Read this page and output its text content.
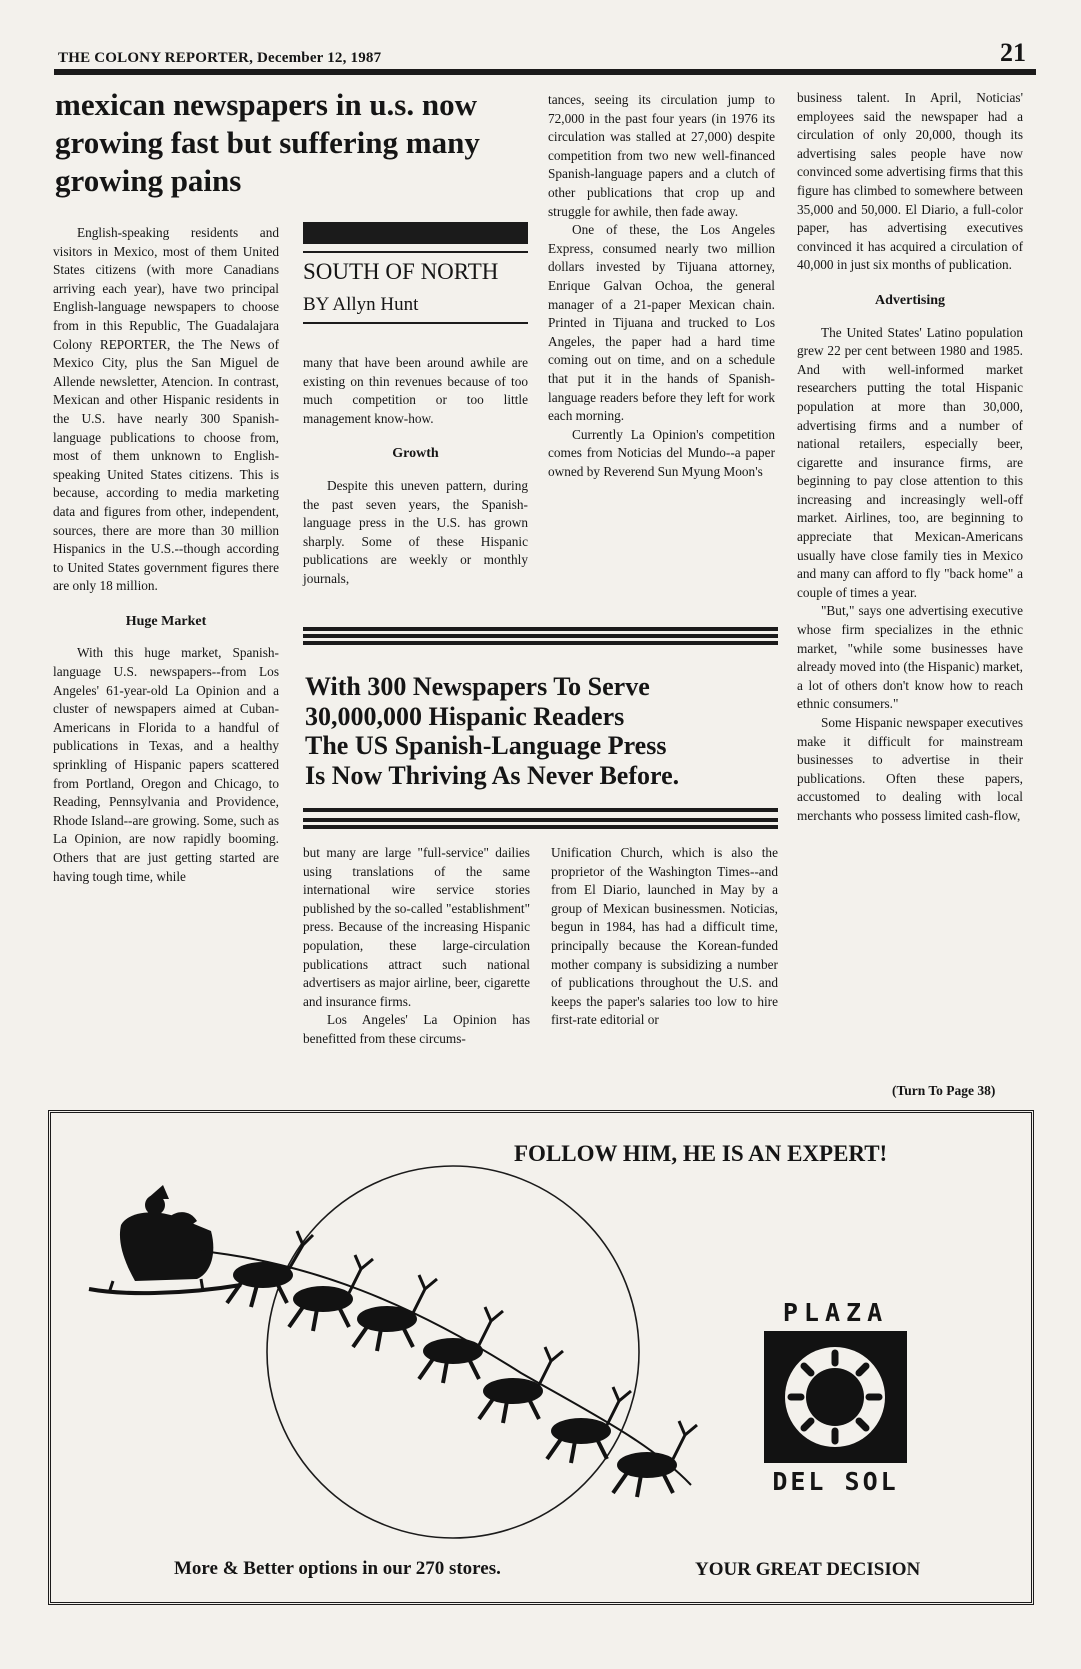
THE COLONY REPORTER, December 12, 1987	21
mexican newspapers in u.s. now growing fast but suffering many growing pains

English-speaking residents and visitors in Mexico, most of them United States citizens (with more Canadians arriving each year), have two principal English-language newspapers to choose from in this Republic, The Guadalajara Colony REPORTER, the The News of Mexico City, plus the San Miguel de Allende newsletter, Atencion. In contrast, Mexican and other Hispanic residents in the U.S. have nearly 300 Spanish-language publications to choose from, most of them unknown to English-speaking United States citizens. This is because, according to media marketing data and figures from other, independent, sources, there are more than 30 million Hispanics in the U.S.--though according to United States government figures there are only 18 million.

Huge Market

With this huge market, Spanish-language U.S. newspapers--from Los Angeles' 61-year-old La Opinion and a cluster of newspapers aimed at Cuban-Americans in Florida to a handful of publications in Texas, and a healthy sprinkling of Hispanic papers scattered from Portland, Oregon and Chicago, to Reading, Pennsylvania and Providence, Rhode Island--are growing. Some, such as La Opinion, are now rapidly booming. Others that are just getting started are having tough time, while

SOUTH OF NORTH
BY Allyn Hunt

many that have been around awhile are existing on thin revenues because of too much competition or too little management know-how.

Growth

Despite this uneven pattern, during the past seven years, the Spanish-language press in the U.S. has grown sharply. Some of these Hispanic publications are weekly or monthly journals,

tances, seeing its circulation jump to 72,000 in the past four years (in 1976 its circulation was stalled at 27,000) despite competition from two new well-financed Spanish-language papers and a clutch of other publications that crop up and struggle for awhile, then fade away.

One of these, the Los Angeles Express, consumed nearly two million dollars invested by Tijuana attorney, Enrique Galvan Ochoa, the general manager of a 21-paper Mexican chain. Printed in Tijuana and trucked to Los Angeles, the paper had a hard time coming out on time, and on a schedule that put it in the hands of Spanish-language readers before they left for work each morning.

Currently La Opinion's competition comes from Noticias del Mundo--a paper owned by Reverend Sun Myung Moon's

business talent. In April, Noticias' employees said the newspaper had a circulation of only 20,000, though its advertising sales people have now convinced some advertising firms that this figure has climbed to somewhere between 35,000 and 50,000. El Diario, a full-color paper, has advertising executives convinced it has acquired a circulation of 40,000 in just six months of publication.

Advertising

The United States' Latino population grew 22 per cent between 1980 and 1985. And with well-informed market researchers putting the total Hispanic population at more than 30,000, advertising firms and a number of national retailers, especially beer, cigarette and insurance firms, are beginning to pay close attention to this increasing and increasingly well-off market. Airlines, too, are beginning to appreciate that Mexican-Americans usually have close family ties in Mexico and many can afford to fly "back home" a couple of times a year.

"But," says one advertising executive whose firm specializes in the ethnic market, "while some businesses have already moved into (the Hispanic) market, a lot of others don't know how to reach ethnic consumers."

Some Hispanic newspaper executives make it difficult for mainstream businesses to advertise in their publications. Often these papers, accustomed to dealing with local merchants who possess limited cash-flow,

With 300 Newspapers To Serve
30,000,000 Hispanic Readers
The US Spanish-Language Press
Is Now Thriving As Never Before.

but many are large "full-service" dailies using translations of the same international wire service stories published by the so-called "establishment" press. Because of the increasing Hispanic population, these large-circulation publications attract such national advertisers as major airline, beer, cigarette and insurance firms.

Los Angeles' La Opinion has benefitted from these circums-

Unification Church, which is also the proprietor of the Washington Times--and from El Diario, launched in May by a group of Mexican businessmen. Noticias, begun in 1984, has had a difficult time, principally because the Korean-funded mother company is subsidizing a number of publications throughout the U.S. and keeps the paper's salaries too low to hire first-rate editorial or

(Turn To Page 38)
FOLLOW HIM, HE IS AN EXPERT!
PLAZA
DEL SOL
More & Better options in our 270 stores.	YOUR GREAT DECISION
